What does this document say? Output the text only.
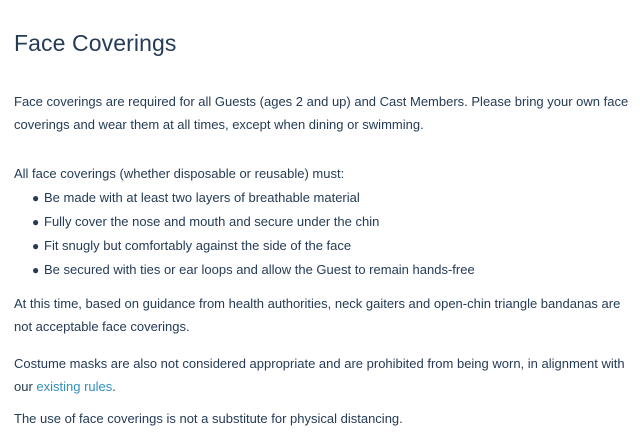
Face Coverings

Face coverings are required for all Guests (ages 2 and up) and Cast Members. Please bring your own face coverings and wear them at all times, except when dining or swimming.

All face coverings (whether disposable or reusable) must:

● Be made with at least two layers of breathable material
● Fully cover the nose and mouth and secure under the chin
● Fit snugly but comfortably against the side of the face
● Be secured with ties or ear loops and allow the Guest to remain hands-free

At this time, based on guidance from health authorities, neck gaiters and open-chin triangle bandanas are not acceptable face coverings.

Costume masks are also not considered appropriate and are prohibited from being worn, in alignment with our existing rules.

The use of face coverings is not a substitute for physical distancing.
